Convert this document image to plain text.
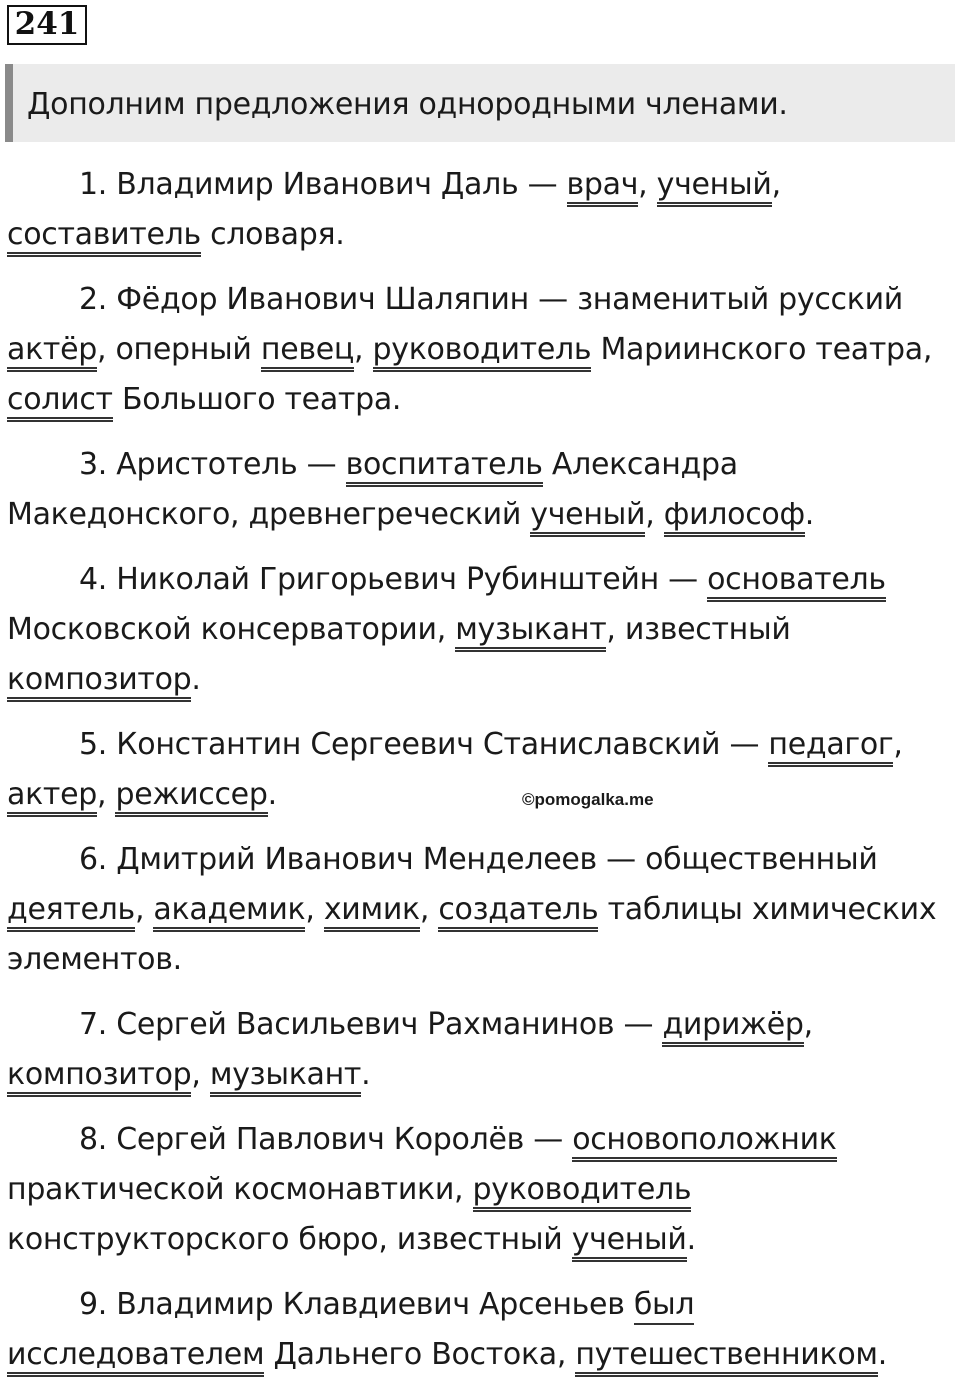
241
Дополним предложения однородными членами.
1. Владимир Иванович Даль — врач, ученый, составитель словаря.
2. Фёдор Иванович Шаляпин — знаменитый русский актёр, оперный певец, руководитель Мариинского театра, солист Большого театра.
3. Аристотель — воспитатель Александра Македонского, древнегреческий ученый, философ.
4. Николай Григорьевич Рубинштейн — основатель Московской консерватории, музыкант, известный композитор.
5. Константин Сергеевич Станиславский — педагог, актер, режиссер.
6. Дмитрий Иванович Менделеев — общественный деятель, академик, химик, создатель таблицы химических элементов.
7. Сергей Васильевич Рахманинов — дирижёр, композитор, музыкант.
8. Сергей Павлович Королёв — основоположник практической космонавтики, руководитель конструкторского бюро, известный ученый.
9. Владимир Клавдиевич Арсеньев был исследователем Дальнего Востока, путешественником.
©pomogalka.me
